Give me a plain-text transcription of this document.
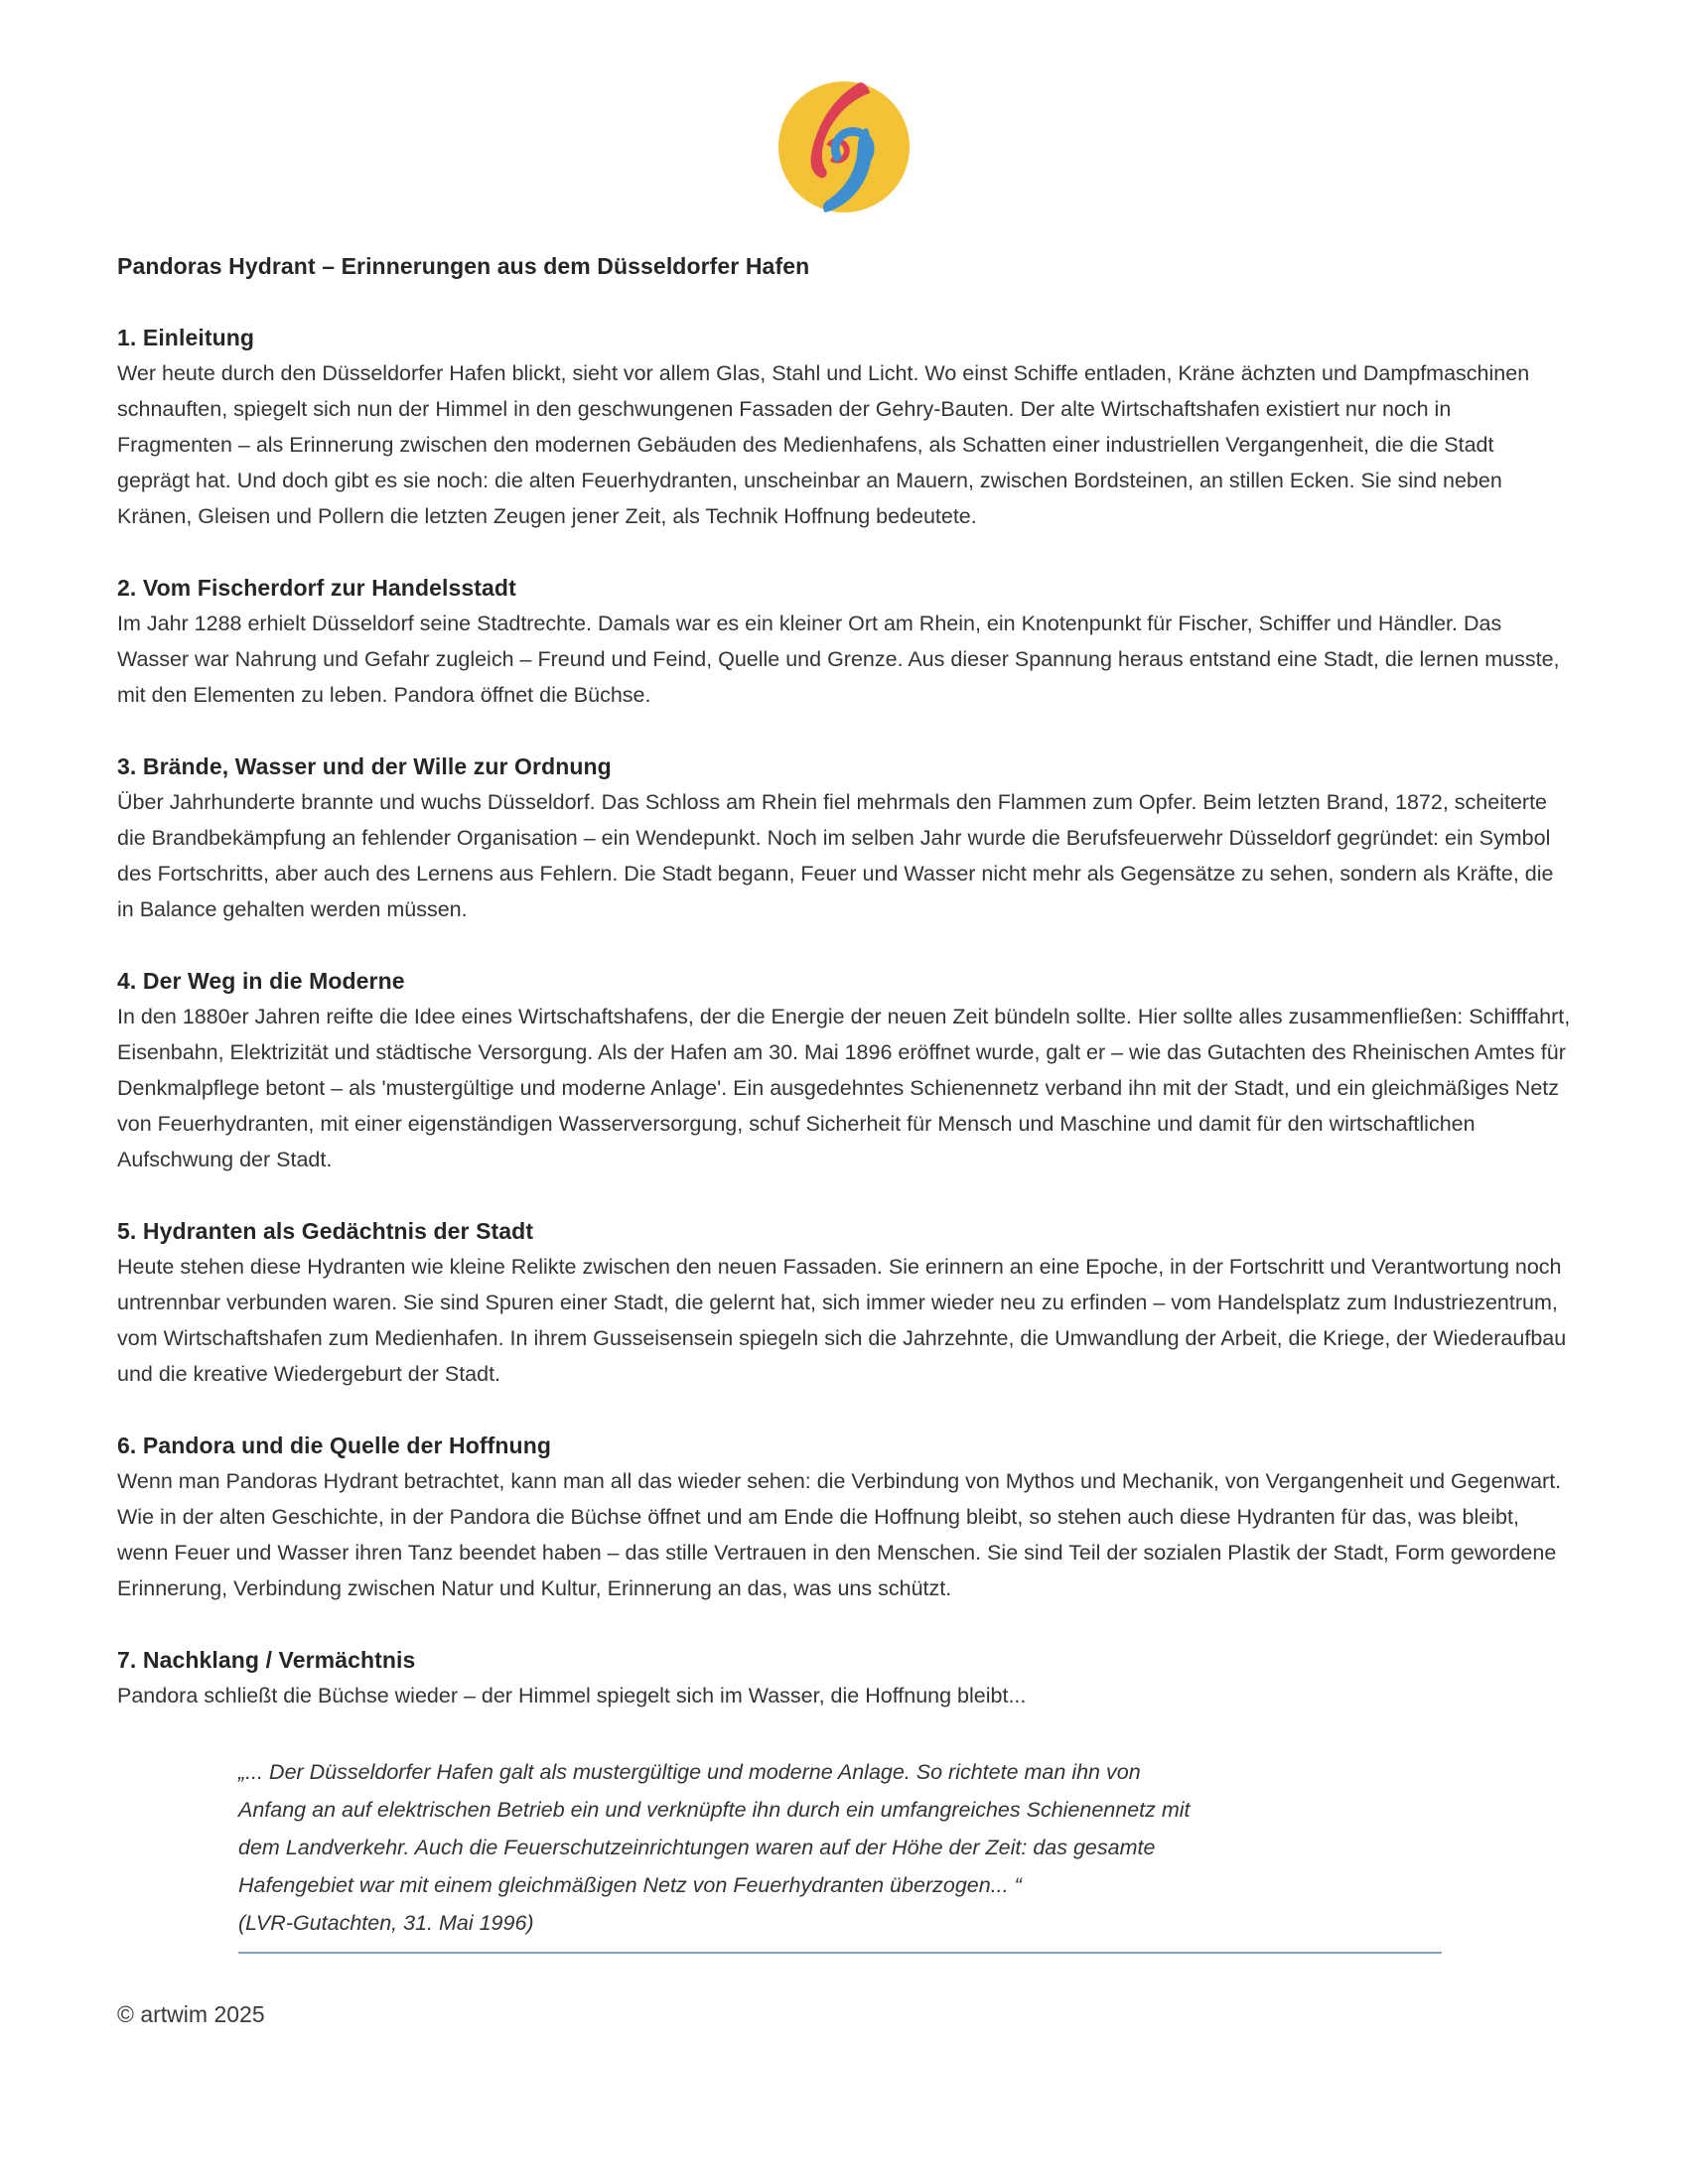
Pandoras Hydrant – Erinnerungen aus dem Düsseldorfer Hafen
1. Einleitung
Wer heute durch den Düsseldorfer Hafen blickt, sieht vor allem Glas, Stahl und Licht. Wo einst Schiffe entladen, Kräne ächzten und Dampfmaschinen schnauften, spiegelt sich nun der Himmel in den geschwungenen Fassaden der Gehry-Bauten. Der alte Wirtschaftshafen existiert nur noch in Fragmenten – als Erinnerung zwischen den modernen Gebäuden des Medienhafens, als Schatten einer industriellen Vergangenheit, die die Stadt geprägt hat. Und doch gibt es sie noch: die alten Feuerhydranten, unscheinbar an Mauern, zwischen Bordsteinen, an stillen Ecken. Sie sind neben Kränen, Gleisen und Pollern die letzten Zeugen jener Zeit, als Technik Hoffnung bedeutete.
2. Vom Fischerdorf zur Handelsstadt
Im Jahr 1288 erhielt Düsseldorf seine Stadtrechte. Damals war es ein kleiner Ort am Rhein, ein Knotenpunkt für Fischer, Schiffer und Händler. Das Wasser war Nahrung und Gefahr zugleich – Freund und Feind, Quelle und Grenze. Aus dieser Spannung heraus entstand eine Stadt, die lernen musste, mit den Elementen zu leben. Pandora öffnet die Büchse.
3. Brände, Wasser und der Wille zur Ordnung
Über Jahrhunderte brannte und wuchs Düsseldorf. Das Schloss am Rhein fiel mehrmals den Flammen zum Opfer. Beim letzten Brand, 1872, scheiterte die Brandbekämpfung an fehlender Organisation – ein Wendepunkt. Noch im selben Jahr wurde die Berufsfeuerwehr Düsseldorf gegründet: ein Symbol des Fortschritts, aber auch des Lernens aus Fehlern. Die Stadt begann, Feuer und Wasser nicht mehr als Gegensätze zu sehen, sondern als Kräfte, die in Balance gehalten werden müssen.
4. Der Weg in die Moderne
In den 1880er Jahren reifte die Idee eines Wirtschaftshafens, der die Energie der neuen Zeit bündeln sollte. Hier sollte alles zusammenfließen: Schifffahrt, Eisenbahn, Elektrizität und städtische Versorgung. Als der Hafen am 30. Mai 1896 eröffnet wurde, galt er – wie das Gutachten des Rheinischen Amtes für Denkmalpflege betont – als 'mustergültige und moderne Anlage'. Ein ausgedehntes Schienennetz verband ihn mit der Stadt, und ein gleichmäßiges Netz von Feuerhydranten, mit einer eigenständigen Wasserversorgung, schuf Sicherheit für Mensch und Maschine und damit für den wirtschaftlichen Aufschwung der Stadt.
5. Hydranten als Gedächtnis der Stadt
Heute stehen diese Hydranten wie kleine Relikte zwischen den neuen Fassaden. Sie erinnern an eine Epoche, in der Fortschritt und Verantwortung noch untrennbar verbunden waren. Sie sind Spuren einer Stadt, die gelernt hat, sich immer wieder neu zu erfinden – vom Handelsplatz zum Industriezentrum, vom Wirtschaftshafen zum Medienhafen. In ihrem Gusseisensein spiegeln sich die Jahrzehnte, die Umwandlung der Arbeit, die Kriege, der Wiederaufbau und die kreative Wiedergeburt der Stadt.
6. Pandora und die Quelle der Hoffnung
Wenn man Pandoras Hydrant betrachtet, kann man all das wieder sehen: die Verbindung von Mythos und Mechanik, von Vergangenheit und Gegenwart. Wie in der alten Geschichte, in der Pandora die Büchse öffnet und am Ende die Hoffnung bleibt, so stehen auch diese Hydranten für das, was bleibt, wenn Feuer und Wasser ihren Tanz beendet haben – das stille Vertrauen in den Menschen. Sie sind Teil der sozialen Plastik der Stadt, Form gewordene Erinnerung, Verbindung zwischen Natur und Kultur, Erinnerung an das, was uns schützt.
7. Nachklang / Vermächtnis
Pandora schließt die Büchse wieder – der Himmel spiegelt sich im Wasser, die Hoffnung bleibt...
„... Der Düsseldorfer Hafen galt als mustergültige und moderne Anlage. So richtete man ihn von
Anfang an auf elektrischen Betrieb ein und verknüpfte ihn durch ein umfangreiches Schienennetz mit
dem Landverkehr. Auch die Feuerschutzeinrichtungen waren auf der Höhe der Zeit: das gesamte
Hafengebiet war mit einem gleichmäßigen Netz von Feuerhydranten überzogen... “
(LVR-Gutachten, 31. Mai 1996)
© artwim 2025
